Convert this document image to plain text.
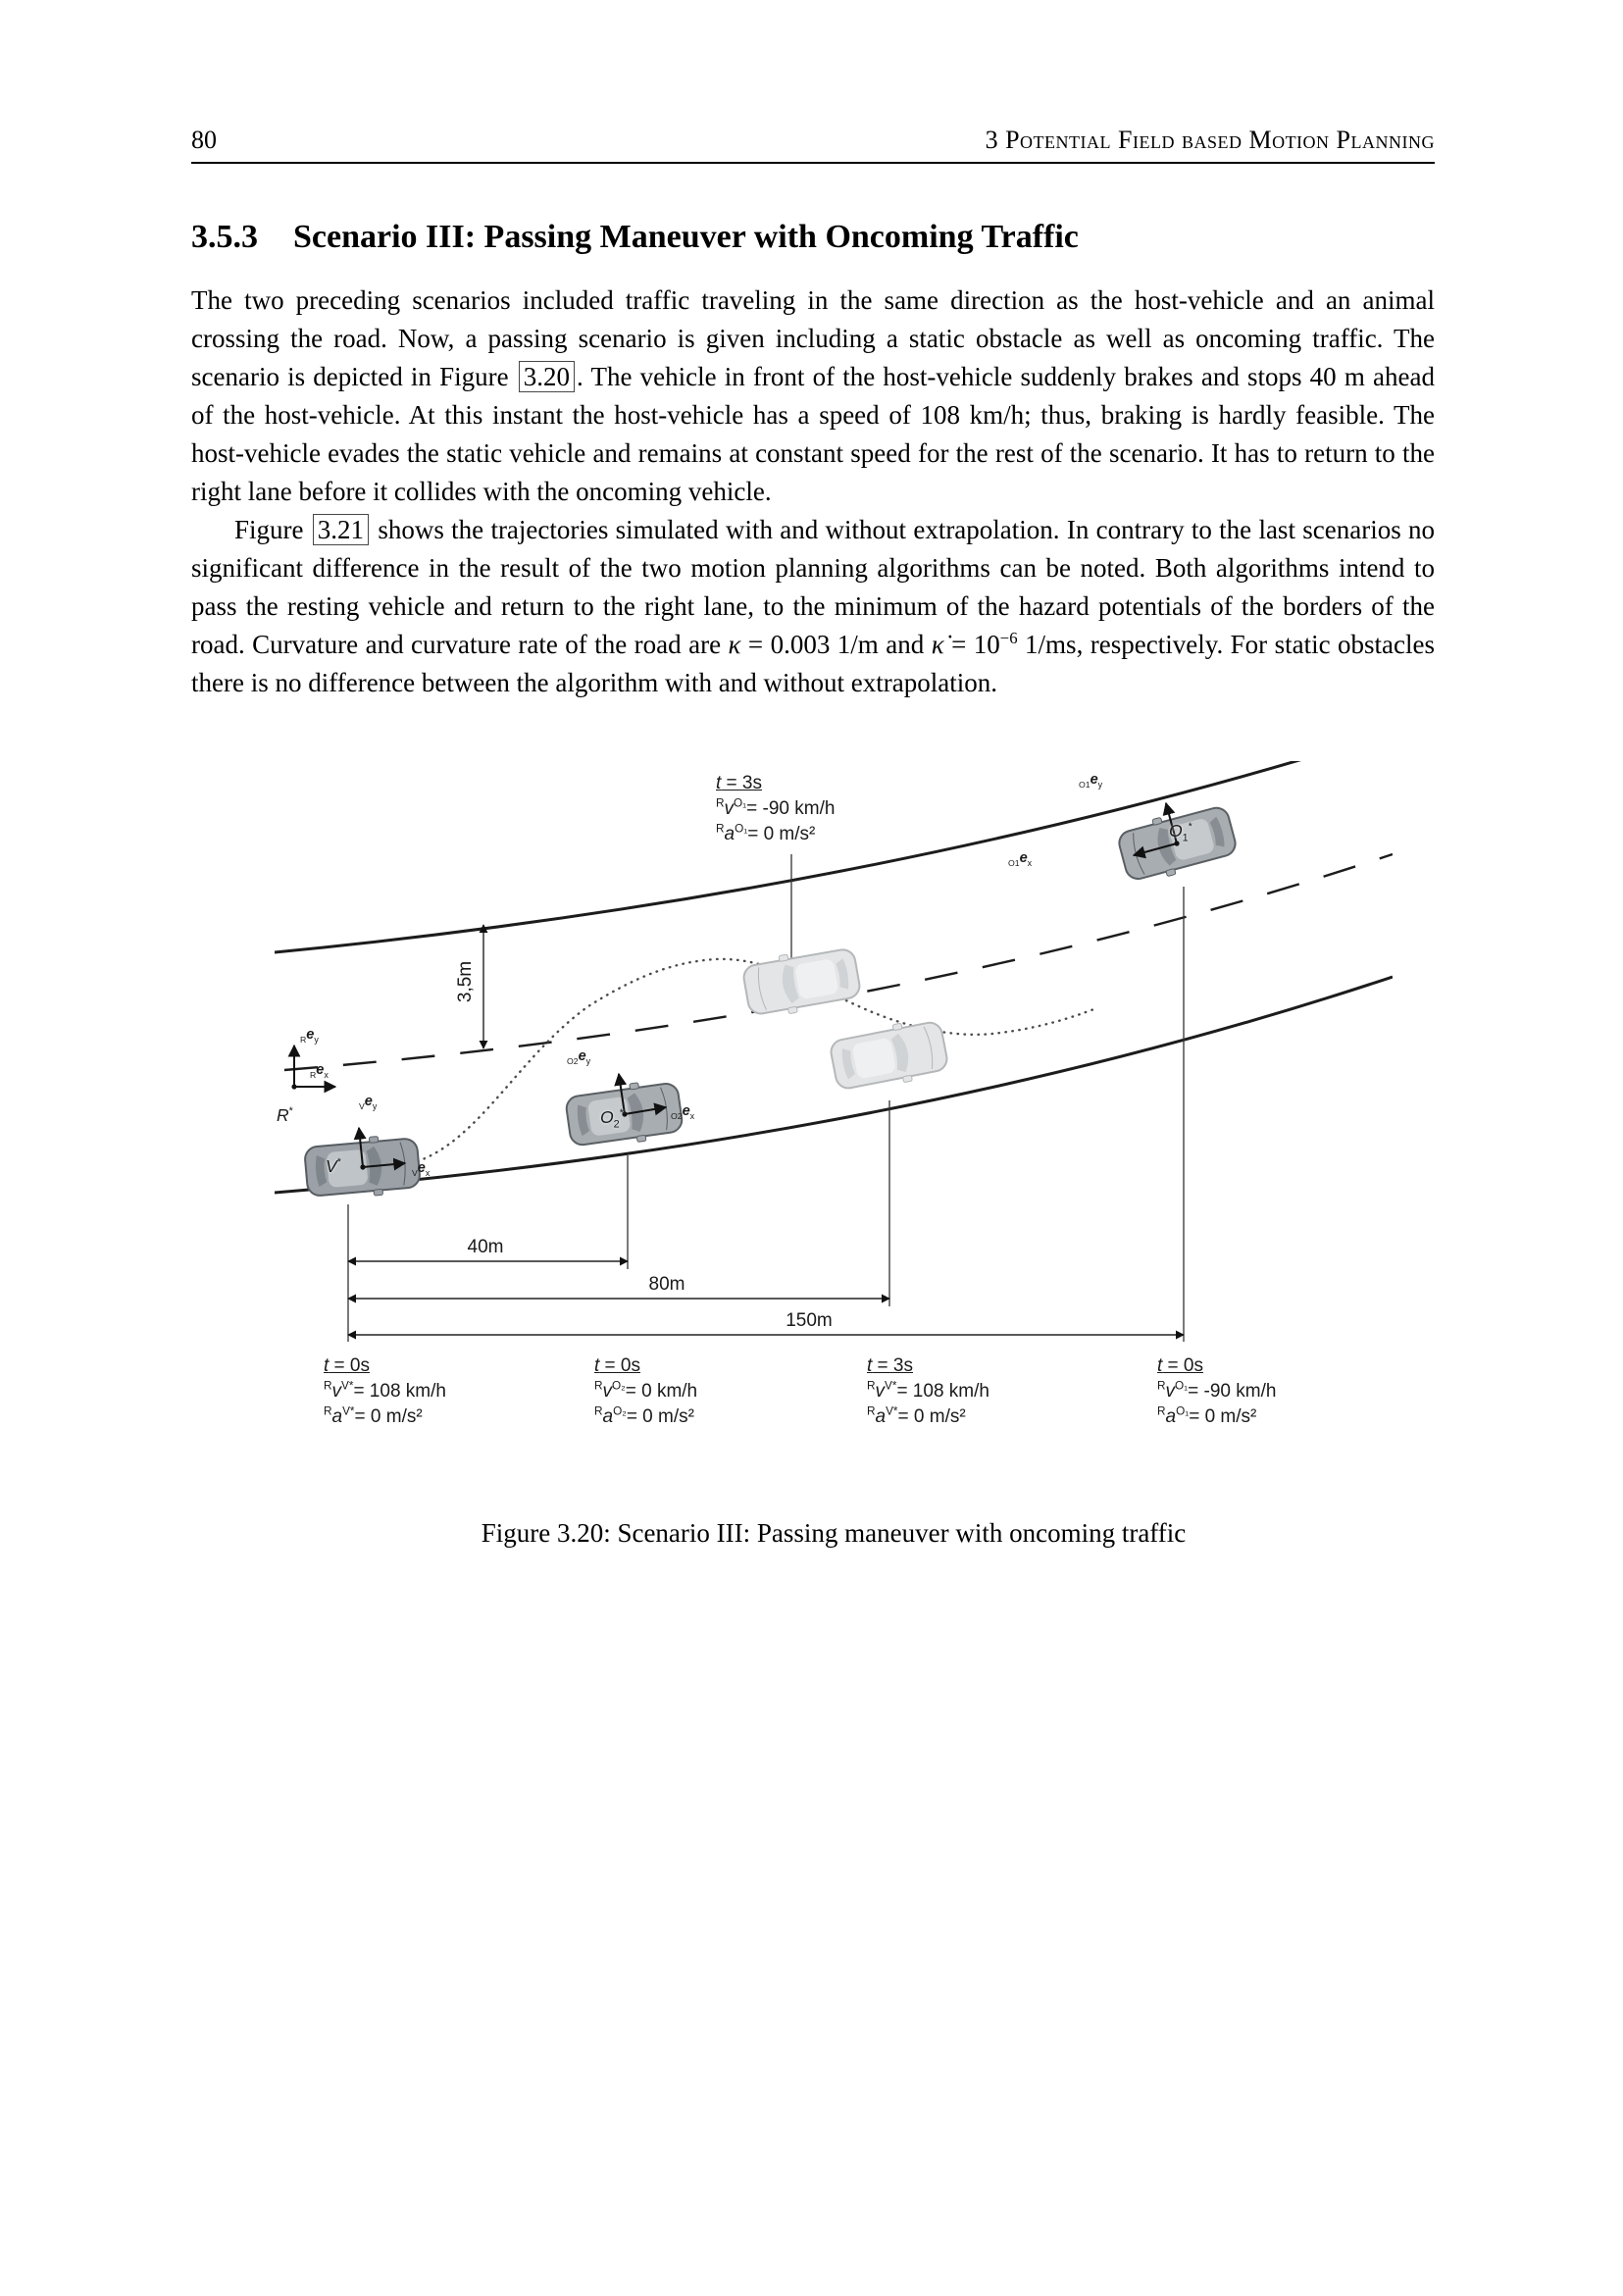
80	3 Potential Field based Motion Planning
3.5.3 Scenario III: Passing Maneuver with Oncoming Traffic

The two preceding scenarios included traffic traveling in the same direction as the host-vehicle and an animal crossing the road. Now, a passing scenario is given including a static obstacle as well as oncoming traffic. The scenario is depicted in Figure 3.20 . The vehicle in front of the host-vehicle suddenly brakes and stops 40 m ahead of the host-vehicle. At this instant the host-vehicle has a speed of 108 km/h; thus, braking is hardly feasible. The host-vehicle evades the static vehicle and remains at constant speed for the rest of the scenario. It has to return to the right lane before it collides with the oncoming vehicle.

Figure 3.21 shows the trajectories simulated with and without extrapolation. In contrary to the last scenarios no significant difference in the result of the two motion planning algorithms can be noted. Both algorithms intend to pass the resting vehicle and return to the right lane, to the minimum of the hazard potentials of the borders of the road. Curvature and curvature rate of the road are κ = 0.003 1/m and κ̇ = $10^{-6}$ 1/ms, respectively. For static obstacles there is no difference between the algorithm with and without extrapolation.

t = 3s
$^Rv^{O_1}= -90$ km/h
$^Ra^{O_1}= 0$ m/s²
t = 0s
$^Rv^{V*}= 108$ km/h
$^Ra^{V*}= 0$ m/s²
t = 0s
$^Rv^{O_2}= 0$ km/h
$^Ra^{O_2}= 0$ m/s²
t = 3s
$^Rv^{V*}= 108$ km/h
$^Ra^{V*}= 0$ m/s²
t = 0s
$^Rv^{O_1}= -90$ km/h
$^Ra^{O_1}= 0$ m/s²
40m
80m
150m
3,5m
R*
V*
$O_2^*$
$O_1^*$
$_Re_y$
$_Re_x$
$_Ve_y$
$_Ve_x$
$_{O2}e_y$
$_{O2}e_x$
$_{O1}e_y$
$_{O1}e_x$
Figure 3.20: Scenario III: Passing maneuver with oncoming traffic
